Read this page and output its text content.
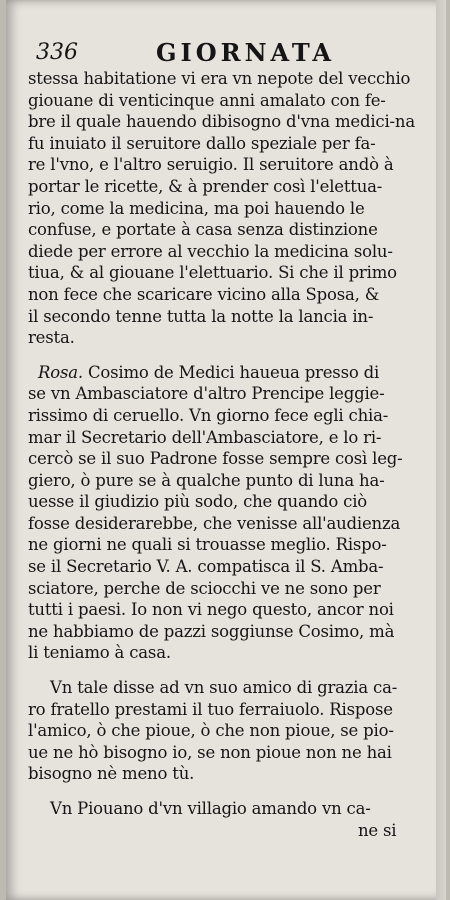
336	GIORNATA
stessa habitatione vi era vn nepote del vecchio
giouane di venticinque anni amalato con fe-
bre il quale hauendo dibisogno d'vna medici-na
fu inuiato il seruitore dallo speziale per fa-
re l'vno, e l'altro seruigio. Il seruitore andò à
portar le ricette, & à prender così l'elettua-
rio, come la medicina, ma poi hauendo le
confuse, e portate à casa senza distinzione
diede per errore al vecchio la medicina solu-
tiua, & al giouane l'elettuario. Si che il primo
non fece che scaricare vicino alla Sposa, &
il secondo tenne tutta la notte la lancia in-
resta.
Rosa. Cosimo de Medici haueua presso di
se vn Ambasciatore d'altro Prencipe leggie-
rissimo di ceruello. Vn giorno fece egli chia-
mar il Secretario dell'Ambasciatore, e lo ri-
cercò se il suo Padrone fosse sempre così leg-
giero, ò pure se à qualche punto di luna ha-
uesse il giudizio più sodo, che quando ciò
fosse desiderarebbe, che venisse all'audienza
ne giorni ne quali si trouasse meglio. Rispo-
se il Secretario V. A. compatisca il S. Amba-
sciatore, perche de sciocchi ve ne sono per
tutti i paesi. Io non vi nego questo, ancor noi
ne habbiamo de pazzi soggiunse Cosimo, mà
li teniamo à casa.
Vn tale disse ad vn suo amico di grazia ca-
ro fratello prestami il tuo ferraiuolo. Rispose
l'amico, ò che pioue, ò che non pioue, se pio-
ue ne hò bisogno io, se non pioue non ne hai
bisogno nè meno tù.
Vn Piouano d'vn villagio amando vn ca-
ne si
